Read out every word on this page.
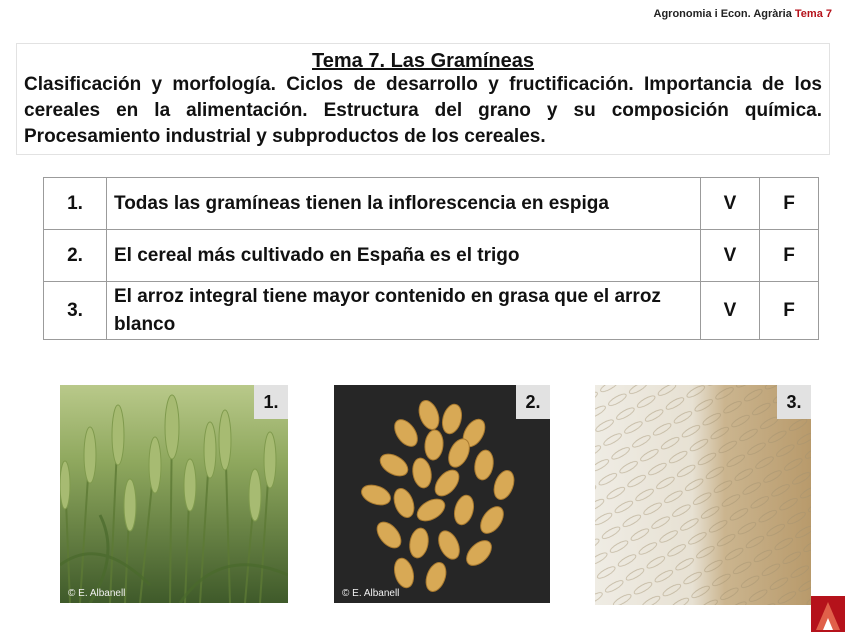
Agronomia i Econ. Agrària Tema 7

Tema 7. Las Gramíneas

Clasificación y morfología. Ciclos de desarrollo y fructificación. Importancia de los cereales en la alimentación. Estructura del grano y su composición química. Procesamiento industrial y subproductos de los cereales.

1.	Todas las gramíneas tienen la inflorescencia en espiga	V	F
2.	El cereal más cultivado en España es el trigo	V	F
3.	El arroz integral tiene mayor contenido en grasa que el arroz blanco	V	F
1.
© E. Albanell
2.
© E. Albanell
3.
